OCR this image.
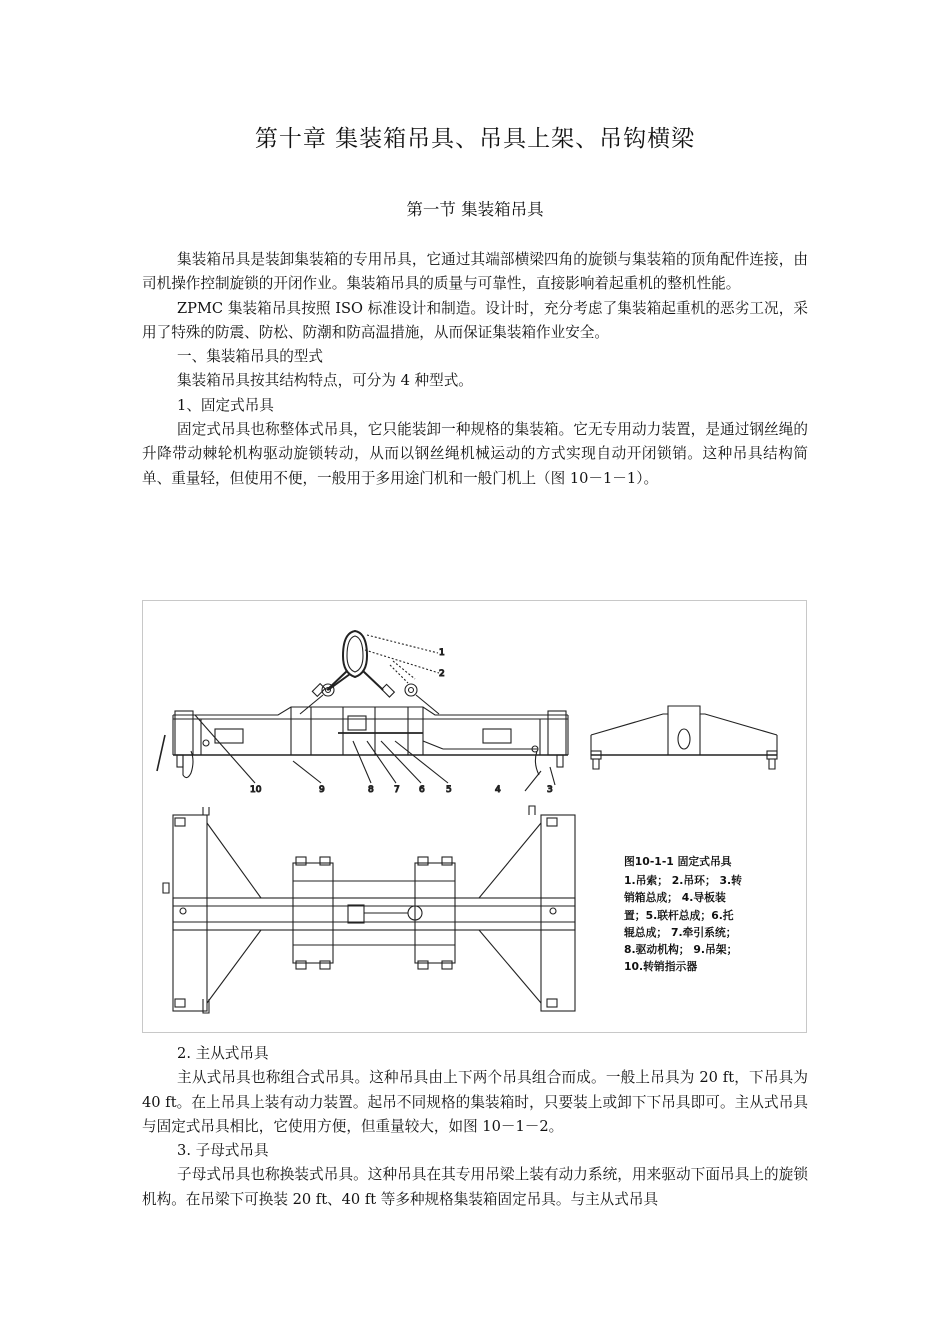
第十章 集装箱吊具、吊具上架、吊钩横梁
第一节 集装箱吊具

集装箱吊具是装卸集装箱的专用吊具，它通过其端部横梁四角的旋锁与集装箱的顶角配件连接，由司机操作控制旋锁的开闭作业。集装箱吊具的质量与可靠性，直接影响着起重机的整机性能。

ZPMC 集装箱吊具按照 ISO 标准设计和制造。设计时，充分考虑了集装箱起重机的恶劣工况，采用了特殊的防震、防松、防潮和防高温措施，从而保证集装箱作业安全。

一、集装箱吊具的型式

集装箱吊具按其结构特点，可分为 4 种型式。

1、固定式吊具

固定式吊具也称整体式吊具，它只能装卸一种规格的集装箱。它无专用动力装置，是通过钢丝绳的升降带动棘轮机构驱动旋锁转动，从而以钢丝绳机械运动的方式实现自动开闭锁销。这种吊具结构简单、重量轻，但使用不便，一般用于多用途门机和一般门机上（图 10－1－1）。

1
2
10	9	8 7 6 5	4	3
图10-1-1 固定式吊具
1.吊索； 2.吊环； 3.转
销箱总成； 4.导板装
置；5.联杆总成；6.托
辊总成； 7.牵引系统；
8.驱动机构； 9.吊架；
10.转销指示器

2. 主从式吊具

主从式吊具也称组合式吊具。这种吊具由上下两个吊具组合而成。一般上吊具为 20 ft，下吊具为 40 ft。在上吊具上装有动力装置。起吊不同规格的集装箱时，只要装上或卸下下吊具即可。主从式吊具与固定式吊具相比，它使用方便，但重量较大，如图 10－1－2。

3. 子母式吊具

子母式吊具也称换装式吊具。这种吊具在其专用吊梁上装有动力系统，用来驱动下面吊具上的旋锁机构。在吊梁下可换装 20 ft、40 ft 等多种规格集装箱固定吊具。与主从式吊具
